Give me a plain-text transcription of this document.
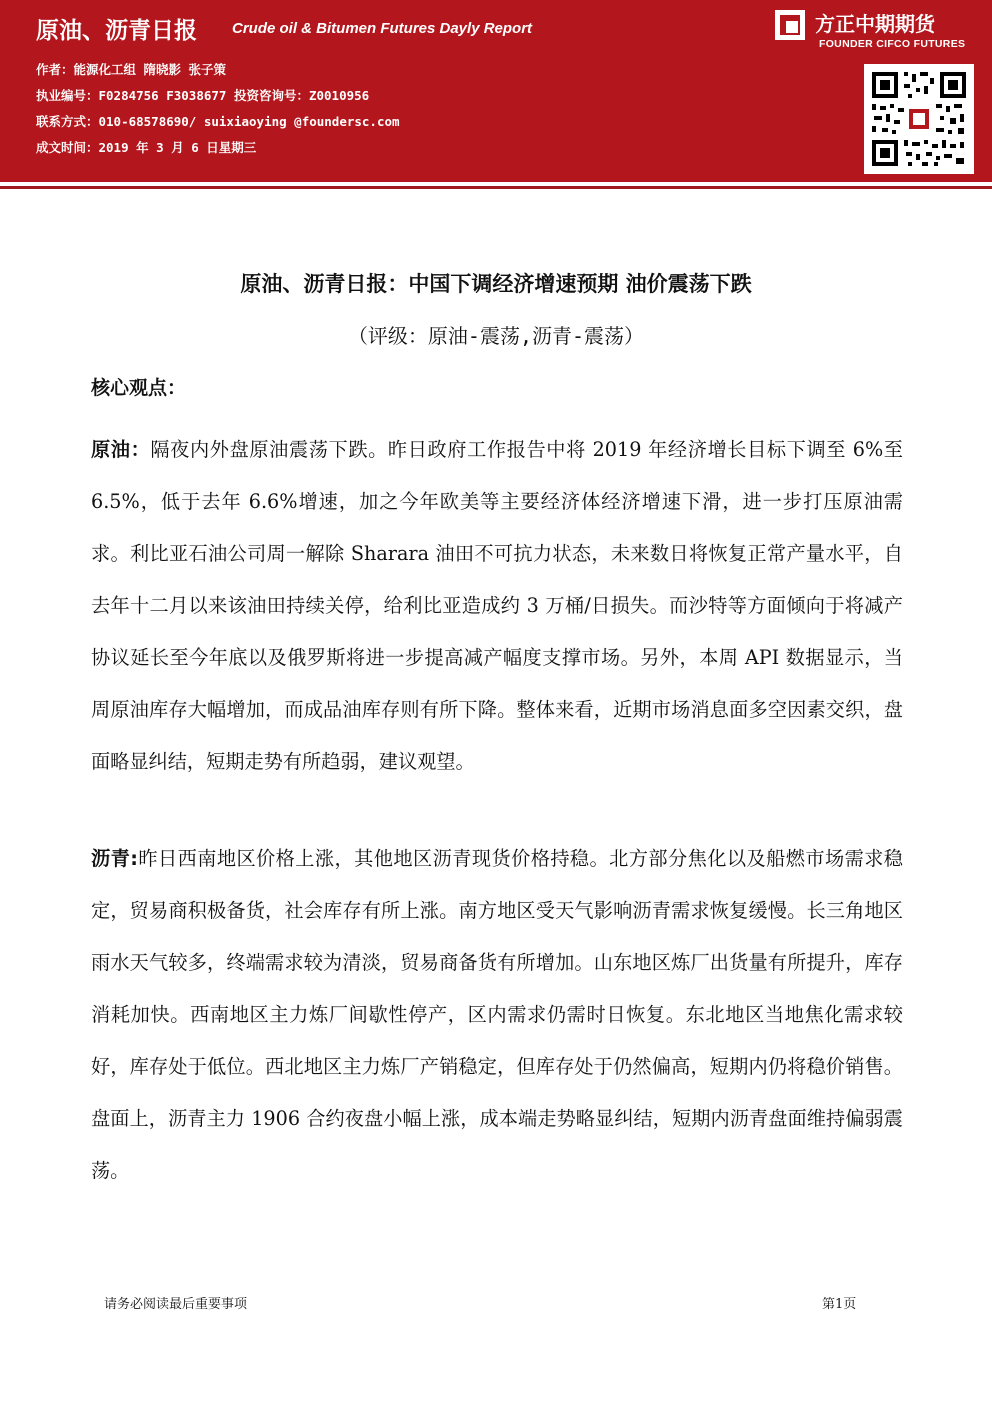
原油、沥青日报 Crude oil & Bitumen Futures Dayly Report
作者：能源化工组 隋晓影 张子策
执业编号：F0284756 F3038677 投资咨询号：Z0010956
联系方式：010-68578690/ suixiaoying @foundersc.com
成文时间：2019 年 3 月 6 日星期三
方正中期期货
FOUNDER CIFCO FUTURES
原油、沥青日报：中国下调经济增速预期 油价震荡下跌
（评级：原油-震荡,沥青-震荡）
核心观点：
原油：隔夜内外盘原油震荡下跌。昨日政府工作报告中将 2019 年经济增长目标下调至 6%至 6.5%，低于去年 6.6%增速，加之今年欧美等主要经济体经济增速下滑，进一步打压原油需求。利比亚石油公司周一解除 Sharara 油田不可抗力状态，未来数日将恢复正常产量水平，自去年十二月以来该油田持续关停，给利比亚造成约 3 万桶/日损失。而沙特等方面倾向于将减产协议延长至今年底以及俄罗斯将进一步提高减产幅度支撑市场。另外，本周 API 数据显示，当周原油库存大幅增加，而成品油库存则有所下降。整体来看，近期市场消息面多空因素交织，盘面略显纠结，短期走势有所趋弱，建议观望。
沥青:昨日西南地区价格上涨，其他地区沥青现货价格持稳。北方部分焦化以及船燃市场需求稳定，贸易商积极备货，社会库存有所上涨。南方地区受天气影响沥青需求恢复缓慢。长三角地区雨水天气较多，终端需求较为清淡，贸易商备货有所增加。山东地区炼厂出货量有所提升，库存消耗加快。西南地区主力炼厂间歇性停产，区内需求仍需时日恢复。东北地区当地焦化需求较好，库存处于低位。西北地区主力炼厂产销稳定，但库存处于仍然偏高，短期内仍将稳价销售。盘面上，沥青主力 1906 合约夜盘小幅上涨，成本端走势略显纠结，短期内沥青盘面维持偏弱震荡。
请务必阅读最后重要事项	第1页
